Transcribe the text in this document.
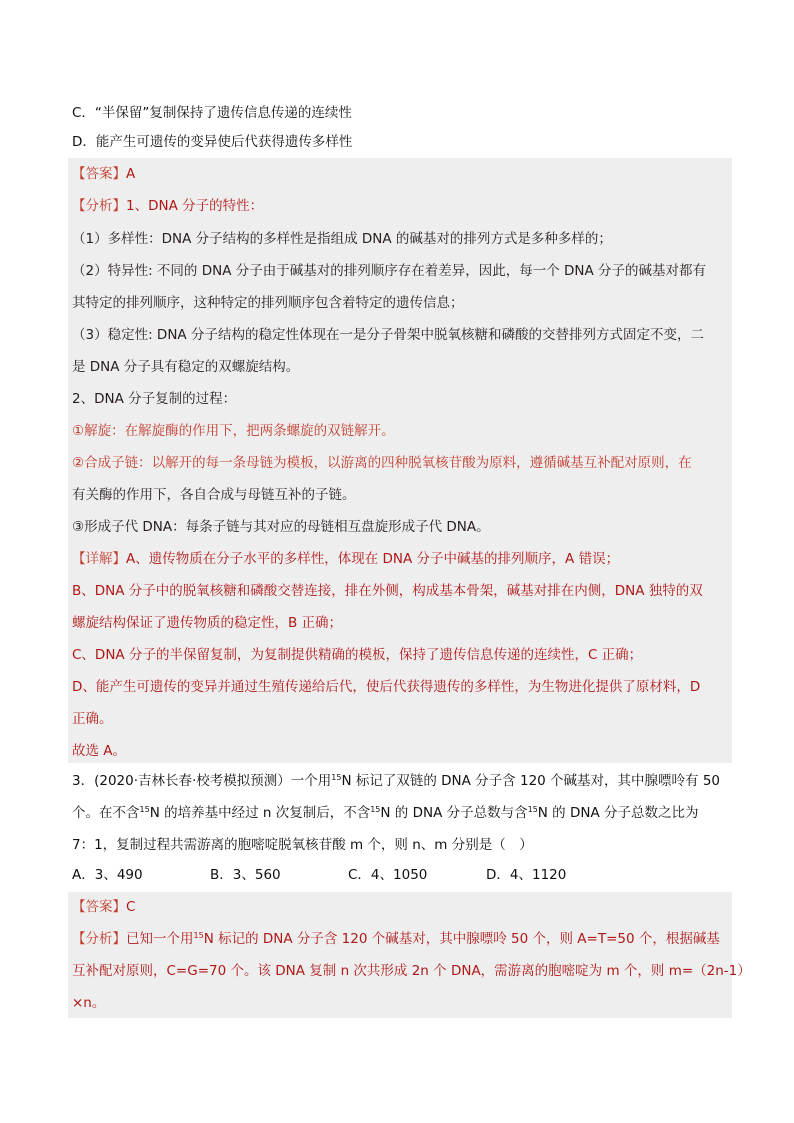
C．“半保留”复制保持了遗传信息传递的连续性
D．能产生可遗传的变异使后代获得遗传多样性
【答案】A
【分析】1、DNA 分子的特性：
（1）多样性：DNA 分子结构的多样性是指组成 DNA 的碱基对的排列方式是多种多样的；
（2）特异性: 不同的 DNA 分子由于碱基对的排列顺序存在着差异，因此，每一个 DNA 分子的碱基对都有
其特定的排列顺序，这种特定的排列顺序包含着特定的遗传信息；
（3）稳定性: DNA 分子结构的稳定性体现在一是分子骨架中脱氧核糖和磷酸的交替排列方式固定不变，二
是 DNA 分子具有稳定的双螺旋结构。
2、DNA 分子复制的过程：
①解旋：在解旋酶的作用下，把两条螺旋的双链解开。
②合成子链：以解开的每一条母链为模板，以游离的四种脱氧核苷酸为原料，遵循碱基互补配对原则，在
有关酶的作用下，各自合成与母链互补的子链。
③形成子代 DNA：每条子链与其对应的母链相互盘旋形成子代 DNA。
【详解】A、遗传物质在分子水平的多样性，体现在 DNA 分子中碱基的排列顺序，A 错误；
B、DNA 分子中的脱氧核糖和磷酸交替连接，排在外侧，构成基本骨架，碱基对排在内侧，DNA 独特的双
螺旋结构保证了遗传物质的稳定性，B 正确；
C、DNA 分子的半保留复制，为复制提供精确的模板，保持了遗传信息传递的连续性，C 正确；
D、能产生可遗传的变异并通过生殖传递给后代，使后代获得遗传的多样性，为生物进化提供了原材料，D
正确。
故选 A。
3．(2020·吉林长春·校考模拟预测）一个用$^{15}$N 标记了双链的 DNA 分子含 120 个碱基对，其中腺嘌呤有 50
个。在不含$^{15}$N 的培养基中经过 n 次复制后，不含$^{15}$N 的 DNA 分子总数与含$^{15}$N 的 DNA 分子总数之比为
7：1，复制过程共需游离的胞嘧啶脱氧核苷酸 m 个，则 n、m 分别是（　）
A．3、490	B．3、560	C．4、1050	D．4、1120
【答案】C
【分析】已知一个用$^{15}$N 标记的 DNA 分子含 120 个碱基对，其中腺嘌呤 50 个，则 A=T=50 个，根据碱基
互补配对原则，C=G=70 个。该 DNA 复制 n 次共形成 2n 个 DNA，需游离的胞嘧啶为 m 个，则 m=（2n-1）
×n。
